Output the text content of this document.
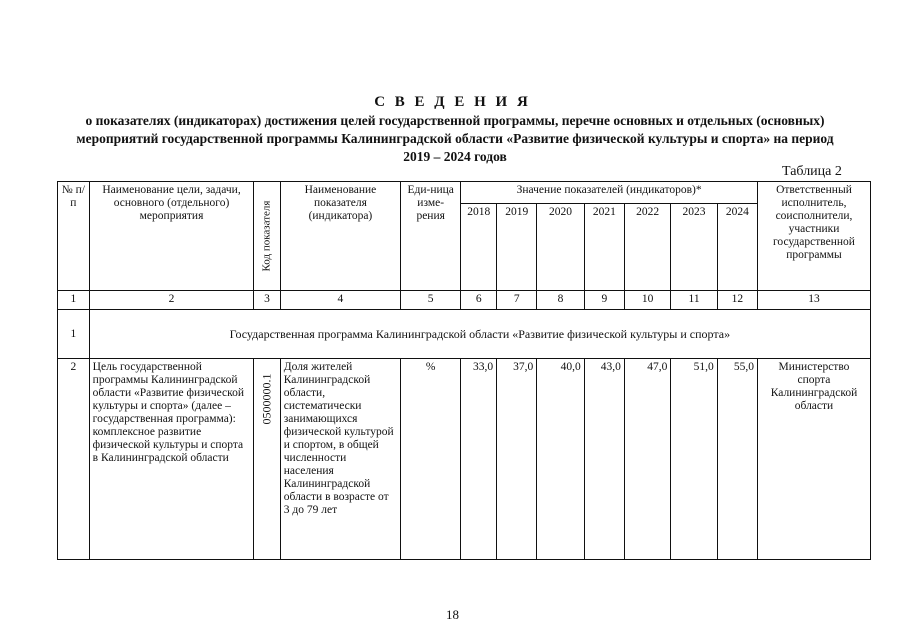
С В Е Д Е Н И Я
о показателях (индикаторах) достижения целей государственной программы, перечне основных и отдельных (основных) мероприятий государственной программы Калининградской области «Развитие физической культуры и спорта» на период 2019 – 2024 годов
Таблица 2
№ п/п	Наименование цели, задачи, основного (отдельного) мероприятия	Код показателя	Наименование показателя (индикатора)	Еди-ница изме-рения	Значение показателей (индикаторов)*							Ответственный исполнитель, соисполнители, участники государственной программы
					2018	2019	2020	2021	2022	2023	2024	
1	2	3	4	5	6	7	8	9	10	11	12	13
1	Государственная программа Калининградской области «Развитие физической культуры и спорта»											
2	Цель государственной программы Калининградской области «Развитие физической культуры и спорта» (далее – государственная программа): комплексное развитие физической культуры и спорта в Калининградской области	0500000.1	Доля жителей Калининградской области, систематически занимающихся физической культурой и спортом, в общей численности населения Калининградской области в возрасте от 3 до 79 лет	%	33,0	37,0	40,0	43,0	47,0	51,0	55,0	Министерство спорта Калининградской области
18
